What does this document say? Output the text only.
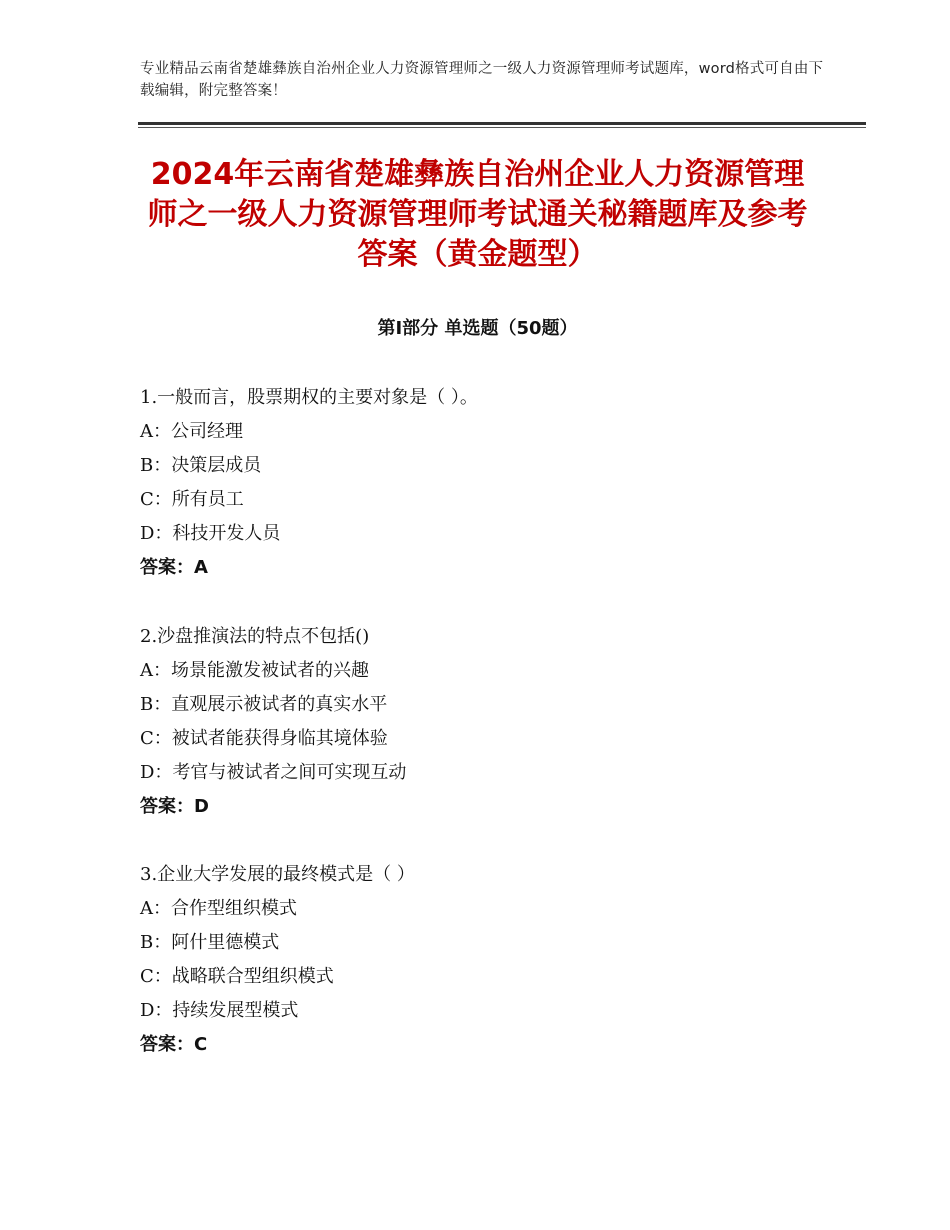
专业精品云南省楚雄彝族自治州企业人力资源管理师之一级人力资源管理师考试题库，word格式可自由下载编辑，附完整答案！
2024年云南省楚雄彝族自治州企业人力资源管理师之一级人力资源管理师考试通关秘籍题库及参考答案（黄金题型）
第Ⅰ部分 单选题（50题）
1.一般而言，股票期权的主要对象是（ ）。
A：公司经理
B：决策层成员
C：所有员工
D：科技开发人员
答案：A
2.沙盘推演法的特点不包括()
A：场景能激发被试者的兴趣
B：直观展示被试者的真实水平
C：被试者能获得身临其境体验
D：考官与被试者之间可实现互动
答案：D
3.企业大学发展的最终模式是（ ）
A：合作型组织模式
B：阿什里德模式
C：战略联合型组织模式
D：持续发展型模式
答案：C
